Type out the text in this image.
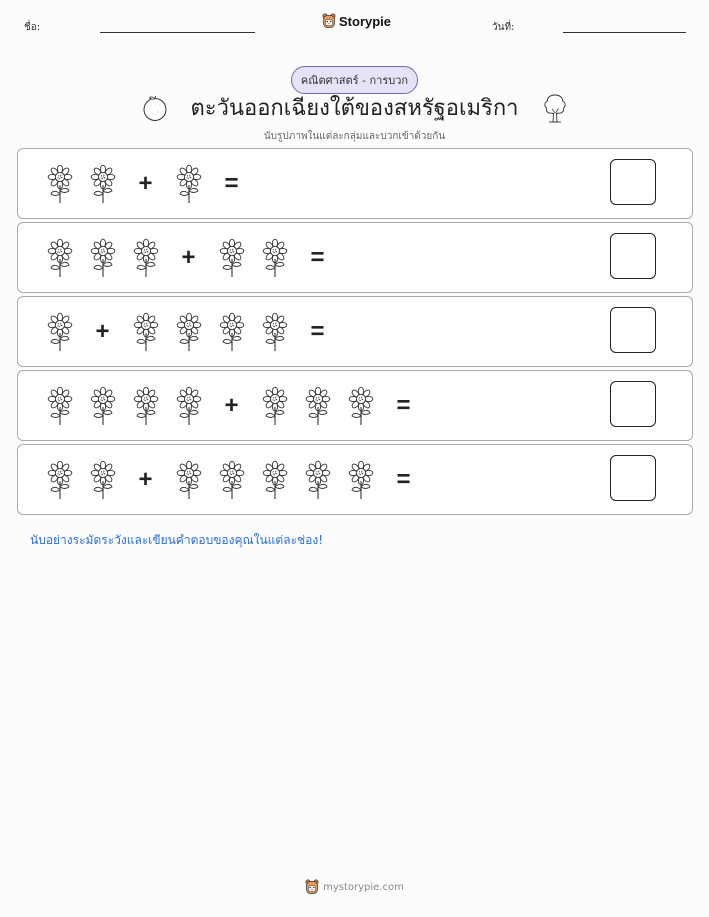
ชื่อ:	Storypie	วันที่:
คณิตศาสตร์ - การบวก
ตะวันออกเฉียงใต้ของสหรัฐอเมริกา
นับรูปภาพในแต่ละกลุ่มและบวกเข้าด้วยกัน
+	=
+	=
+	=
+	=
+	=
นับอย่างระมัดระวังและเขียนคำตอบของคุณในแต่ละช่อง!
mystorypie.com
